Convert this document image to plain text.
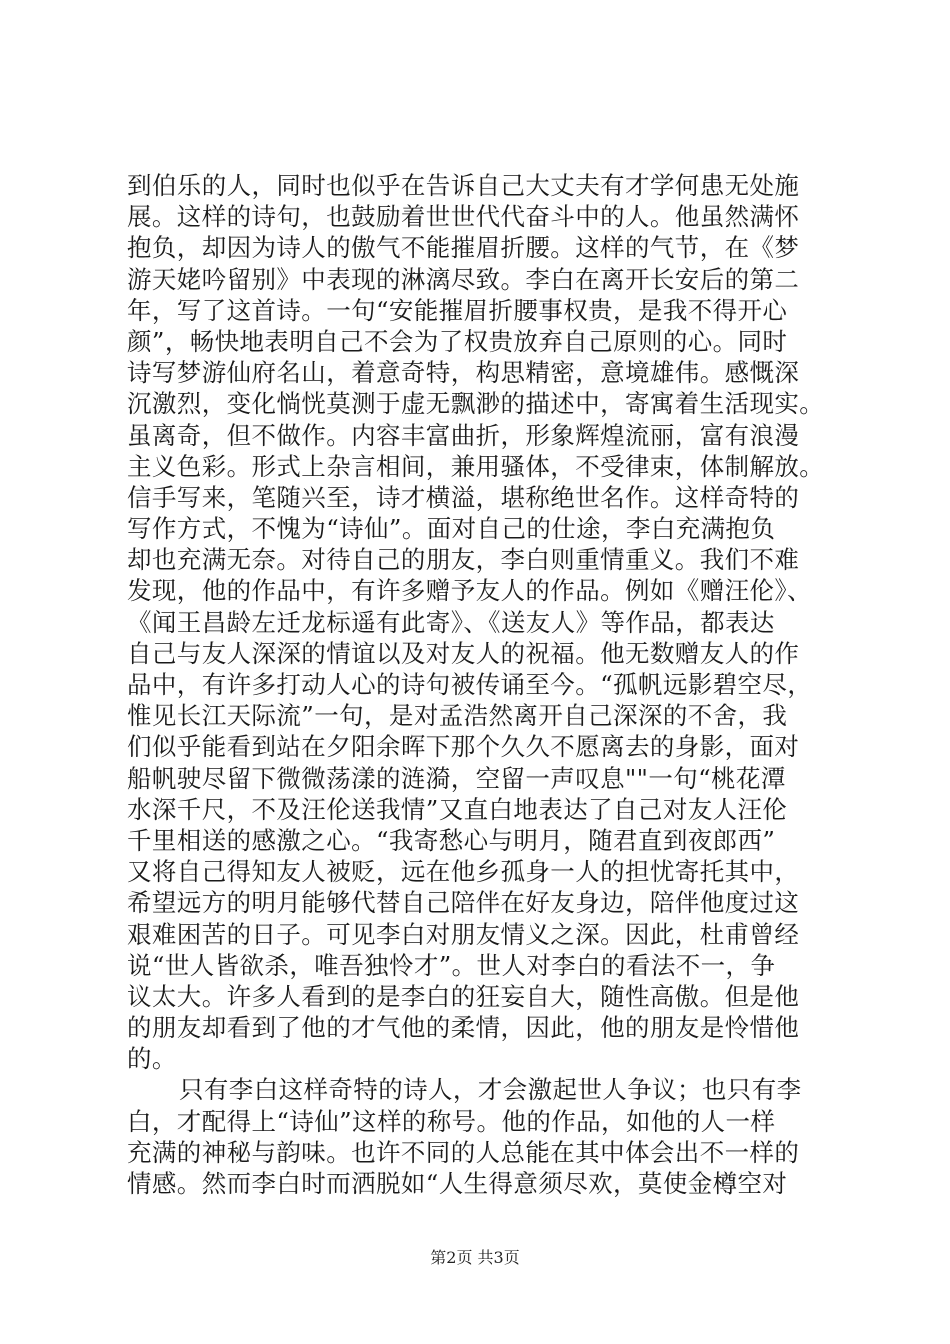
到伯乐的人，同时也似乎在告诉自己大丈夫有才学何患无处施
展。这样的诗句，也鼓励着世世代代奋斗中的人。他虽然满怀
抱负，却因为诗人的傲气不能摧眉折腰。这样的气节，在《梦
游天姥吟留别》中表现的淋漓尽致。李白在离开长安后的第二
年，写了这首诗。一句“安能摧眉折腰事权贵，是我不得开心
颜”，畅快地表明自己不会为了权贵放弃自己原则的心。同时
诗写梦游仙府名山，着意奇特，构思精密，意境雄伟。感慨深
沉激烈，变化惝恍莫测于虚无飘渺的描述中，寄寓着生活现实。
虽离奇，但不做作。内容丰富曲折，形象辉煌流丽，富有浪漫
主义色彩。形式上杂言相间，兼用骚体，不受律束，体制解放。
信手写来，笔随兴至，诗才横溢，堪称绝世名作。这样奇特的
写作方式，不愧为“诗仙”。面对自己的仕途，李白充满抱负
却也充满无奈。对待自己的朋友，李白则重情重义。我们不难
发现，他的作品中，有许多赠予友人的作品。例如《赠汪伦》、
《闻王昌龄左迁龙标遥有此寄》、《送友人》等作品，都表达
自己与友人深深的情谊以及对友人的祝福。他无数赠友人的作
品中，有许多打动人心的诗句被传诵至今。“孤帆远影碧空尽，
惟见长江天际流”一句，是对孟浩然离开自己深深的不舍，我
们似乎能看到站在夕阳余晖下那个久久不愿离去的身影，面对
船帆驶尽留下微微荡漾的涟漪，空留一声叹息""一句“桃花潭
水深千尺，不及汪伦送我情”又直白地表达了自己对友人汪伦
千里相送的感激之心。“我寄愁心与明月，随君直到夜郎西”
又将自己得知友人被贬，远在他乡孤身一人的担忧寄托其中，
希望远方的明月能够代替自己陪伴在好友身边，陪伴他度过这
艰难困苦的日子。可见李白对朋友情义之深。因此，杜甫曾经
说“世人皆欲杀，唯吾独怜才”。世人对李白的看法不一，争
议太大。许多人看到的是李白的狂妄自大，随性高傲。但是他
的朋友却看到了他的才气他的柔情，因此，他的朋友是怜惜他
的。
只有李白这样奇特的诗人，才会激起世人争议；也只有李
白，才配得上“诗仙”这样的称号。他的作品，如他的人一样
充满的神秘与韵味。也许不同的人总能在其中体会出不一样的
情感。然而李白时而洒脱如“人生得意须尽欢，莫使金樽空对
第2页 共3页
